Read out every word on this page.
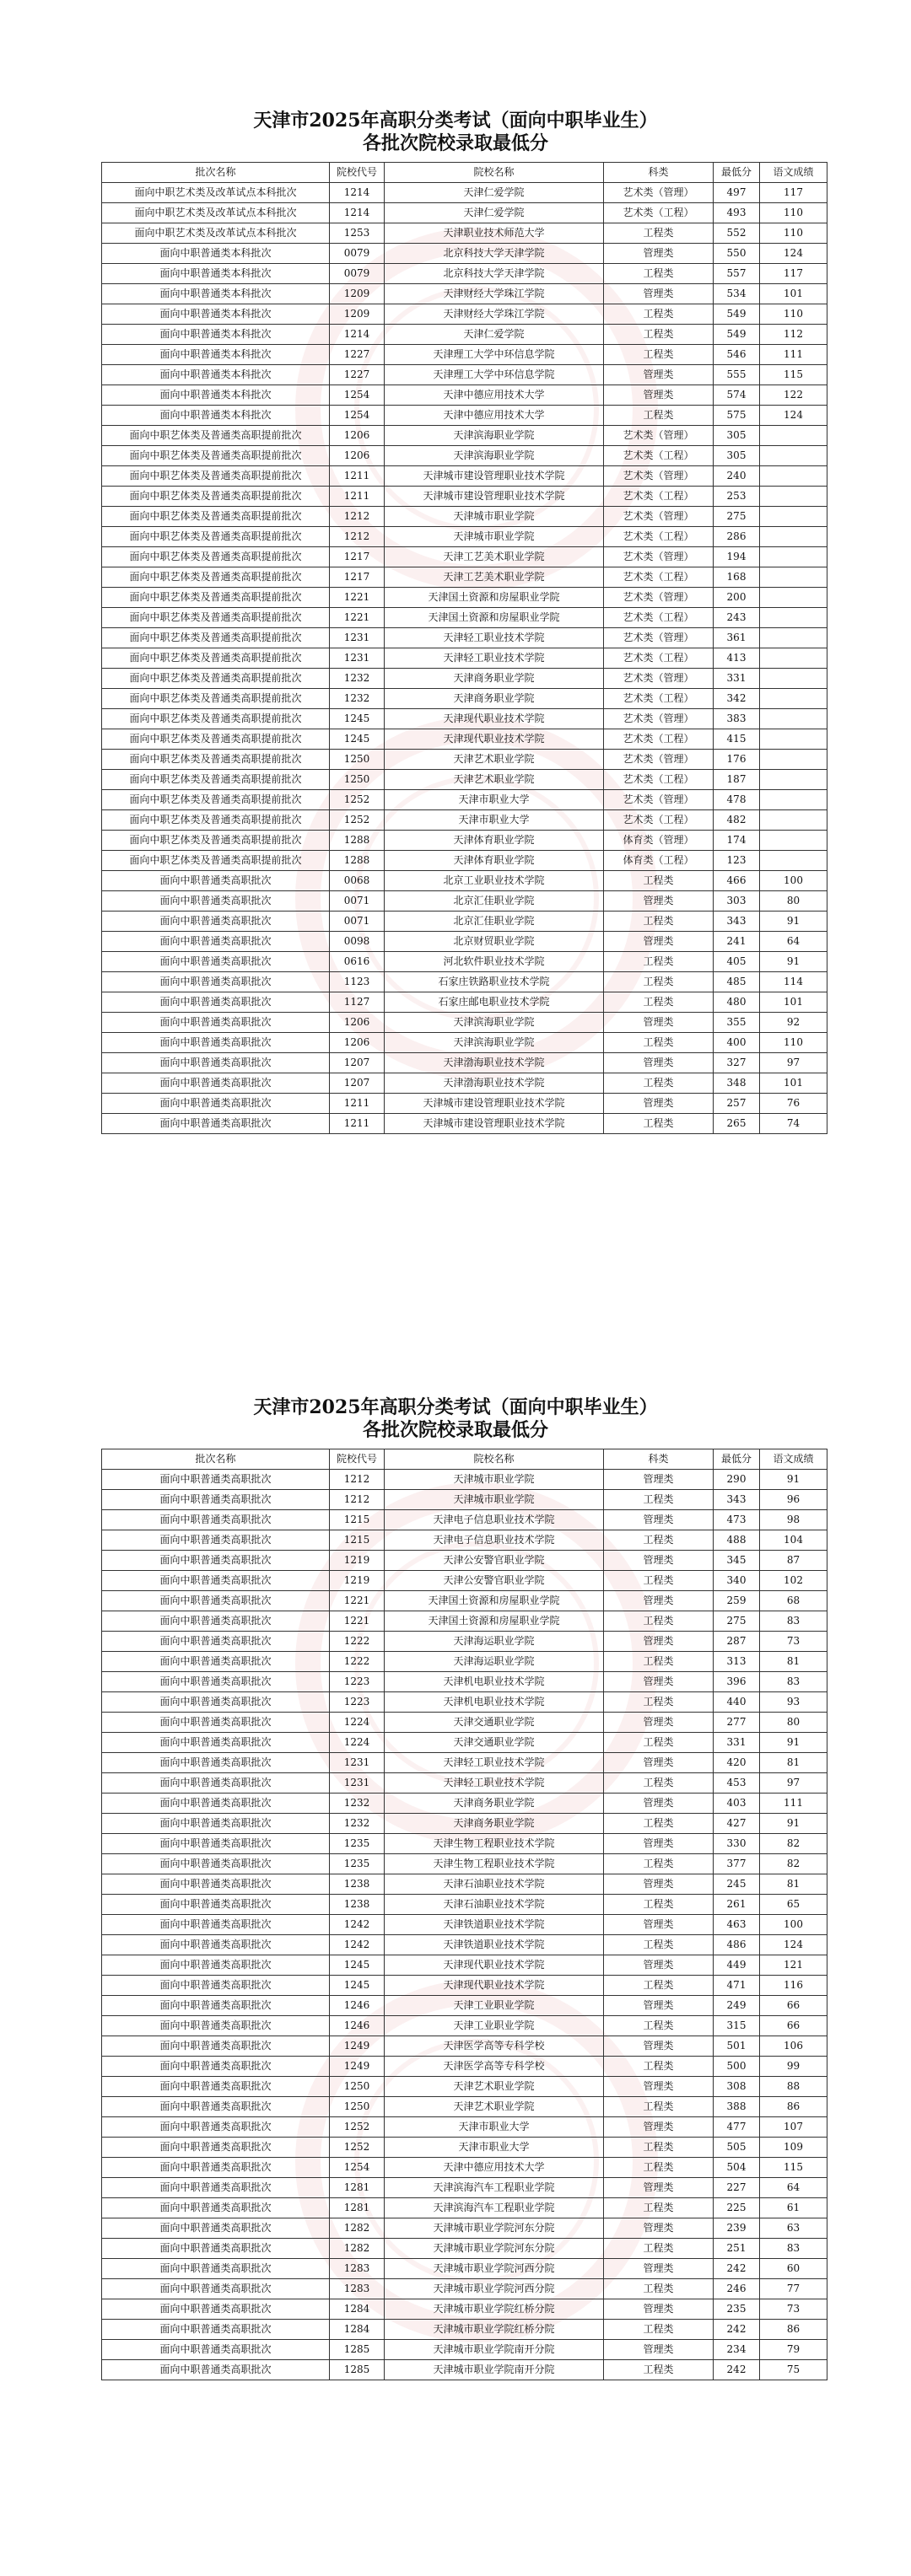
天津市2025年高职分类考试（面向中职毕业生）
各批次院校录取最低分
批次名称	院校代号	院校名称	科类	最低分	语文成绩
面向中职艺术类及改革试点本科批次	1214	天津仁爱学院	艺术类（管理）	497	117
面向中职艺术类及改革试点本科批次	1214	天津仁爱学院	艺术类（工程）	493	110
面向中职艺术类及改革试点本科批次	1253	天津职业技术师范大学	工程类	552	110
面向中职普通类本科批次	0079	北京科技大学天津学院	管理类	550	124
面向中职普通类本科批次	0079	北京科技大学天津学院	工程类	557	117
面向中职普通类本科批次	1209	天津财经大学珠江学院	管理类	534	101
面向中职普通类本科批次	1209	天津财经大学珠江学院	工程类	549	110
面向中职普通类本科批次	1214	天津仁爱学院	工程类	549	112
面向中职普通类本科批次	1227	天津理工大学中环信息学院	工程类	546	111
面向中职普通类本科批次	1227	天津理工大学中环信息学院	管理类	555	115
面向中职普通类本科批次	1254	天津中德应用技术大学	管理类	574	122
面向中职普通类本科批次	1254	天津中德应用技术大学	工程类	575	124
面向中职艺体类及普通类高职提前批次	1206	天津滨海职业学院	艺术类（管理）	305	
面向中职艺体类及普通类高职提前批次	1206	天津滨海职业学院	艺术类（工程）	305	
面向中职艺体类及普通类高职提前批次	1211	天津城市建设管理职业技术学院	艺术类（管理）	240	
面向中职艺体类及普通类高职提前批次	1211	天津城市建设管理职业技术学院	艺术类（工程）	253	
面向中职艺体类及普通类高职提前批次	1212	天津城市职业学院	艺术类（管理）	275	
面向中职艺体类及普通类高职提前批次	1212	天津城市职业学院	艺术类（工程）	286	
面向中职艺体类及普通类高职提前批次	1217	天津工艺美术职业学院	艺术类（管理）	194	
面向中职艺体类及普通类高职提前批次	1217	天津工艺美术职业学院	艺术类（工程）	168	
面向中职艺体类及普通类高职提前批次	1221	天津国土资源和房屋职业学院	艺术类（管理）	200	
面向中职艺体类及普通类高职提前批次	1221	天津国土资源和房屋职业学院	艺术类（工程）	243	
面向中职艺体类及普通类高职提前批次	1231	天津轻工职业技术学院	艺术类（管理）	361	
面向中职艺体类及普通类高职提前批次	1231	天津轻工职业技术学院	艺术类（工程）	413	
面向中职艺体类及普通类高职提前批次	1232	天津商务职业学院	艺术类（管理）	331	
面向中职艺体类及普通类高职提前批次	1232	天津商务职业学院	艺术类（工程）	342	
面向中职艺体类及普通类高职提前批次	1245	天津现代职业技术学院	艺术类（管理）	383	
面向中职艺体类及普通类高职提前批次	1245	天津现代职业技术学院	艺术类（工程）	415	
面向中职艺体类及普通类高职提前批次	1250	天津艺术职业学院	艺术类（管理）	176	
面向中职艺体类及普通类高职提前批次	1250	天津艺术职业学院	艺术类（工程）	187	
面向中职艺体类及普通类高职提前批次	1252	天津市职业大学	艺术类（管理）	478	
面向中职艺体类及普通类高职提前批次	1252	天津市职业大学	艺术类（工程）	482	
面向中职艺体类及普通类高职提前批次	1288	天津体育职业学院	体育类（管理）	174	
面向中职艺体类及普通类高职提前批次	1288	天津体育职业学院	体育类（工程）	123	
面向中职普通类高职批次	0068	北京工业职业技术学院	工程类	466	100
面向中职普通类高职批次	0071	北京汇佳职业学院	管理类	303	80
面向中职普通类高职批次	0071	北京汇佳职业学院	工程类	343	91
面向中职普通类高职批次	0098	北京财贸职业学院	管理类	241	64
面向中职普通类高职批次	0616	河北软件职业技术学院	工程类	405	91
面向中职普通类高职批次	1123	石家庄铁路职业技术学院	工程类	485	114
面向中职普通类高职批次	1127	石家庄邮电职业技术学院	工程类	480	101
面向中职普通类高职批次	1206	天津滨海职业学院	管理类	355	92
面向中职普通类高职批次	1206	天津滨海职业学院	工程类	400	110
面向中职普通类高职批次	1207	天津渤海职业技术学院	管理类	327	97
面向中职普通类高职批次	1207	天津渤海职业技术学院	工程类	348	101
面向中职普通类高职批次	1211	天津城市建设管理职业技术学院	管理类	257	76
面向中职普通类高职批次	1211	天津城市建设管理职业技术学院	工程类	265	74
天津市2025年高职分类考试（面向中职毕业生）
各批次院校录取最低分
批次名称	院校代号	院校名称	科类	最低分	语文成绩
面向中职普通类高职批次	1212	天津城市职业学院	管理类	290	91
面向中职普通类高职批次	1212	天津城市职业学院	工程类	343	96
面向中职普通类高职批次	1215	天津电子信息职业技术学院	管理类	473	98
面向中职普通类高职批次	1215	天津电子信息职业技术学院	工程类	488	104
面向中职普通类高职批次	1219	天津公安警官职业学院	管理类	345	87
面向中职普通类高职批次	1219	天津公安警官职业学院	工程类	340	102
面向中职普通类高职批次	1221	天津国土资源和房屋职业学院	管理类	259	68
面向中职普通类高职批次	1221	天津国土资源和房屋职业学院	工程类	275	83
面向中职普通类高职批次	1222	天津海运职业学院	管理类	287	73
面向中职普通类高职批次	1222	天津海运职业学院	工程类	313	81
面向中职普通类高职批次	1223	天津机电职业技术学院	管理类	396	83
面向中职普通类高职批次	1223	天津机电职业技术学院	工程类	440	93
面向中职普通类高职批次	1224	天津交通职业学院	管理类	277	80
面向中职普通类高职批次	1224	天津交通职业学院	工程类	331	91
面向中职普通类高职批次	1231	天津轻工职业技术学院	管理类	420	81
面向中职普通类高职批次	1231	天津轻工职业技术学院	工程类	453	97
面向中职普通类高职批次	1232	天津商务职业学院	管理类	403	111
面向中职普通类高职批次	1232	天津商务职业学院	工程类	427	91
面向中职普通类高职批次	1235	天津生物工程职业技术学院	管理类	330	82
面向中职普通类高职批次	1235	天津生物工程职业技术学院	工程类	377	82
面向中职普通类高职批次	1238	天津石油职业技术学院	管理类	245	81
面向中职普通类高职批次	1238	天津石油职业技术学院	工程类	261	65
面向中职普通类高职批次	1242	天津铁道职业技术学院	管理类	463	100
面向中职普通类高职批次	1242	天津铁道职业技术学院	工程类	486	124
面向中职普通类高职批次	1245	天津现代职业技术学院	管理类	449	121
面向中职普通类高职批次	1245	天津现代职业技术学院	工程类	471	116
面向中职普通类高职批次	1246	天津工业职业学院	管理类	249	66
面向中职普通类高职批次	1246	天津工业职业学院	工程类	315	66
面向中职普通类高职批次	1249	天津医学高等专科学校	管理类	501	106
面向中职普通类高职批次	1249	天津医学高等专科学校	工程类	500	99
面向中职普通类高职批次	1250	天津艺术职业学院	管理类	308	88
面向中职普通类高职批次	1250	天津艺术职业学院	工程类	388	86
面向中职普通类高职批次	1252	天津市职业大学	管理类	477	107
面向中职普通类高职批次	1252	天津市职业大学	工程类	505	109
面向中职普通类高职批次	1254	天津中德应用技术大学	工程类	504	115
面向中职普通类高职批次	1281	天津滨海汽车工程职业学院	管理类	227	64
面向中职普通类高职批次	1281	天津滨海汽车工程职业学院	工程类	225	61
面向中职普通类高职批次	1282	天津城市职业学院河东分院	管理类	239	63
面向中职普通类高职批次	1282	天津城市职业学院河东分院	工程类	251	83
面向中职普通类高职批次	1283	天津城市职业学院河西分院	管理类	242	60
面向中职普通类高职批次	1283	天津城市职业学院河西分院	工程类	246	77
面向中职普通类高职批次	1284	天津城市职业学院红桥分院	管理类	235	73
面向中职普通类高职批次	1284	天津城市职业学院红桥分院	工程类	242	86
面向中职普通类高职批次	1285	天津城市职业学院南开分院	管理类	234	79
面向中职普通类高职批次	1285	天津城市职业学院南开分院	工程类	242	75
